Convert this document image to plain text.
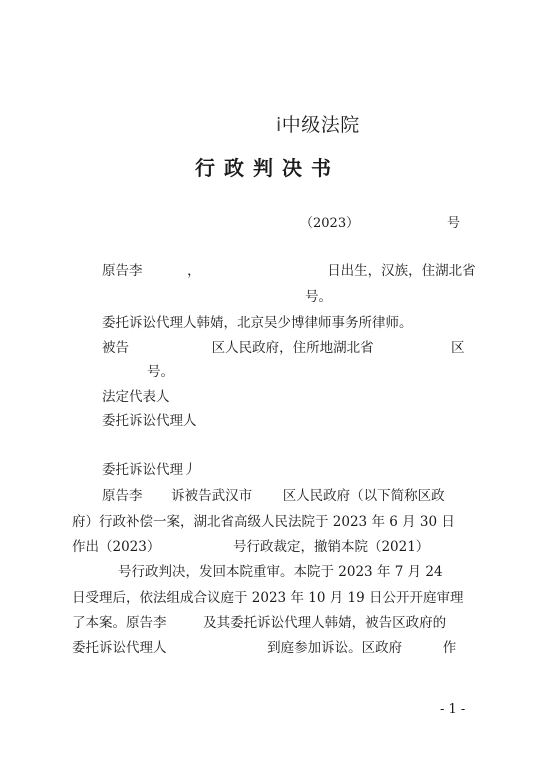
i中级法院
行政判决书
（2023）	号
原告李	，	日出生，汉族，住湖北省
号。
委托诉讼代理人韩婧，北京吴少博律师事务所律师。
被告	区人民政府，住所地湖北省	区
号。
法定代表人
委托诉讼代理人
委托诉讼代理丿
原告李 诉被告武汉市 区人民政府（以下简称区政
府）行政补偿一案，湖北省高级人民法院于 2023 年 6 月 30 日
作出（2023）	号行政裁定，撤销本院（2021）
号行政判决，发回本院重审。本院于 2023 年 7 月 24
日受理后，依法组成合议庭于 2023 年 10 月 19 日公开开庭审理
了本案。原告李	及其委托诉讼代理人韩婧，被告区政府的
委托诉讼代理人	到庭参加诉讼。区政府	作
- 1 -
